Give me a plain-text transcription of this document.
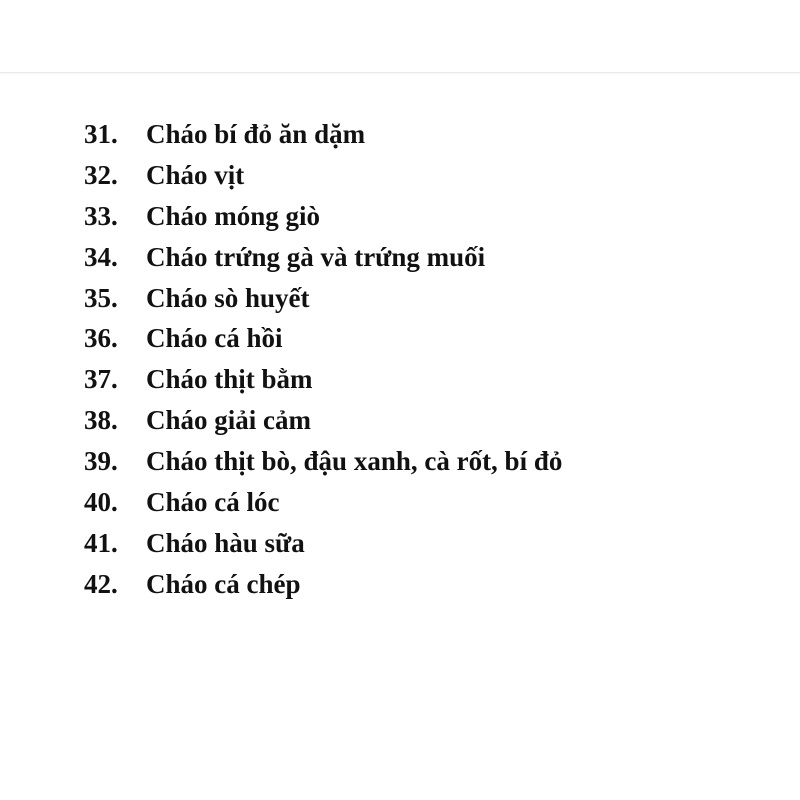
31.	Cháo bí đỏ ăn dặm
32.	Cháo vịt
33.	Cháo móng giò
34.	Cháo trứng gà và trứng muối
35.	Cháo sò huyết
36.	Cháo cá hồi
37.	Cháo thịt bằm
38.	Cháo giải cảm
39.	Cháo thịt bò, đậu xanh, cà rốt, bí đỏ
40.	Cháo cá lóc
41.	Cháo hàu sữa
42.	Cháo cá chép
